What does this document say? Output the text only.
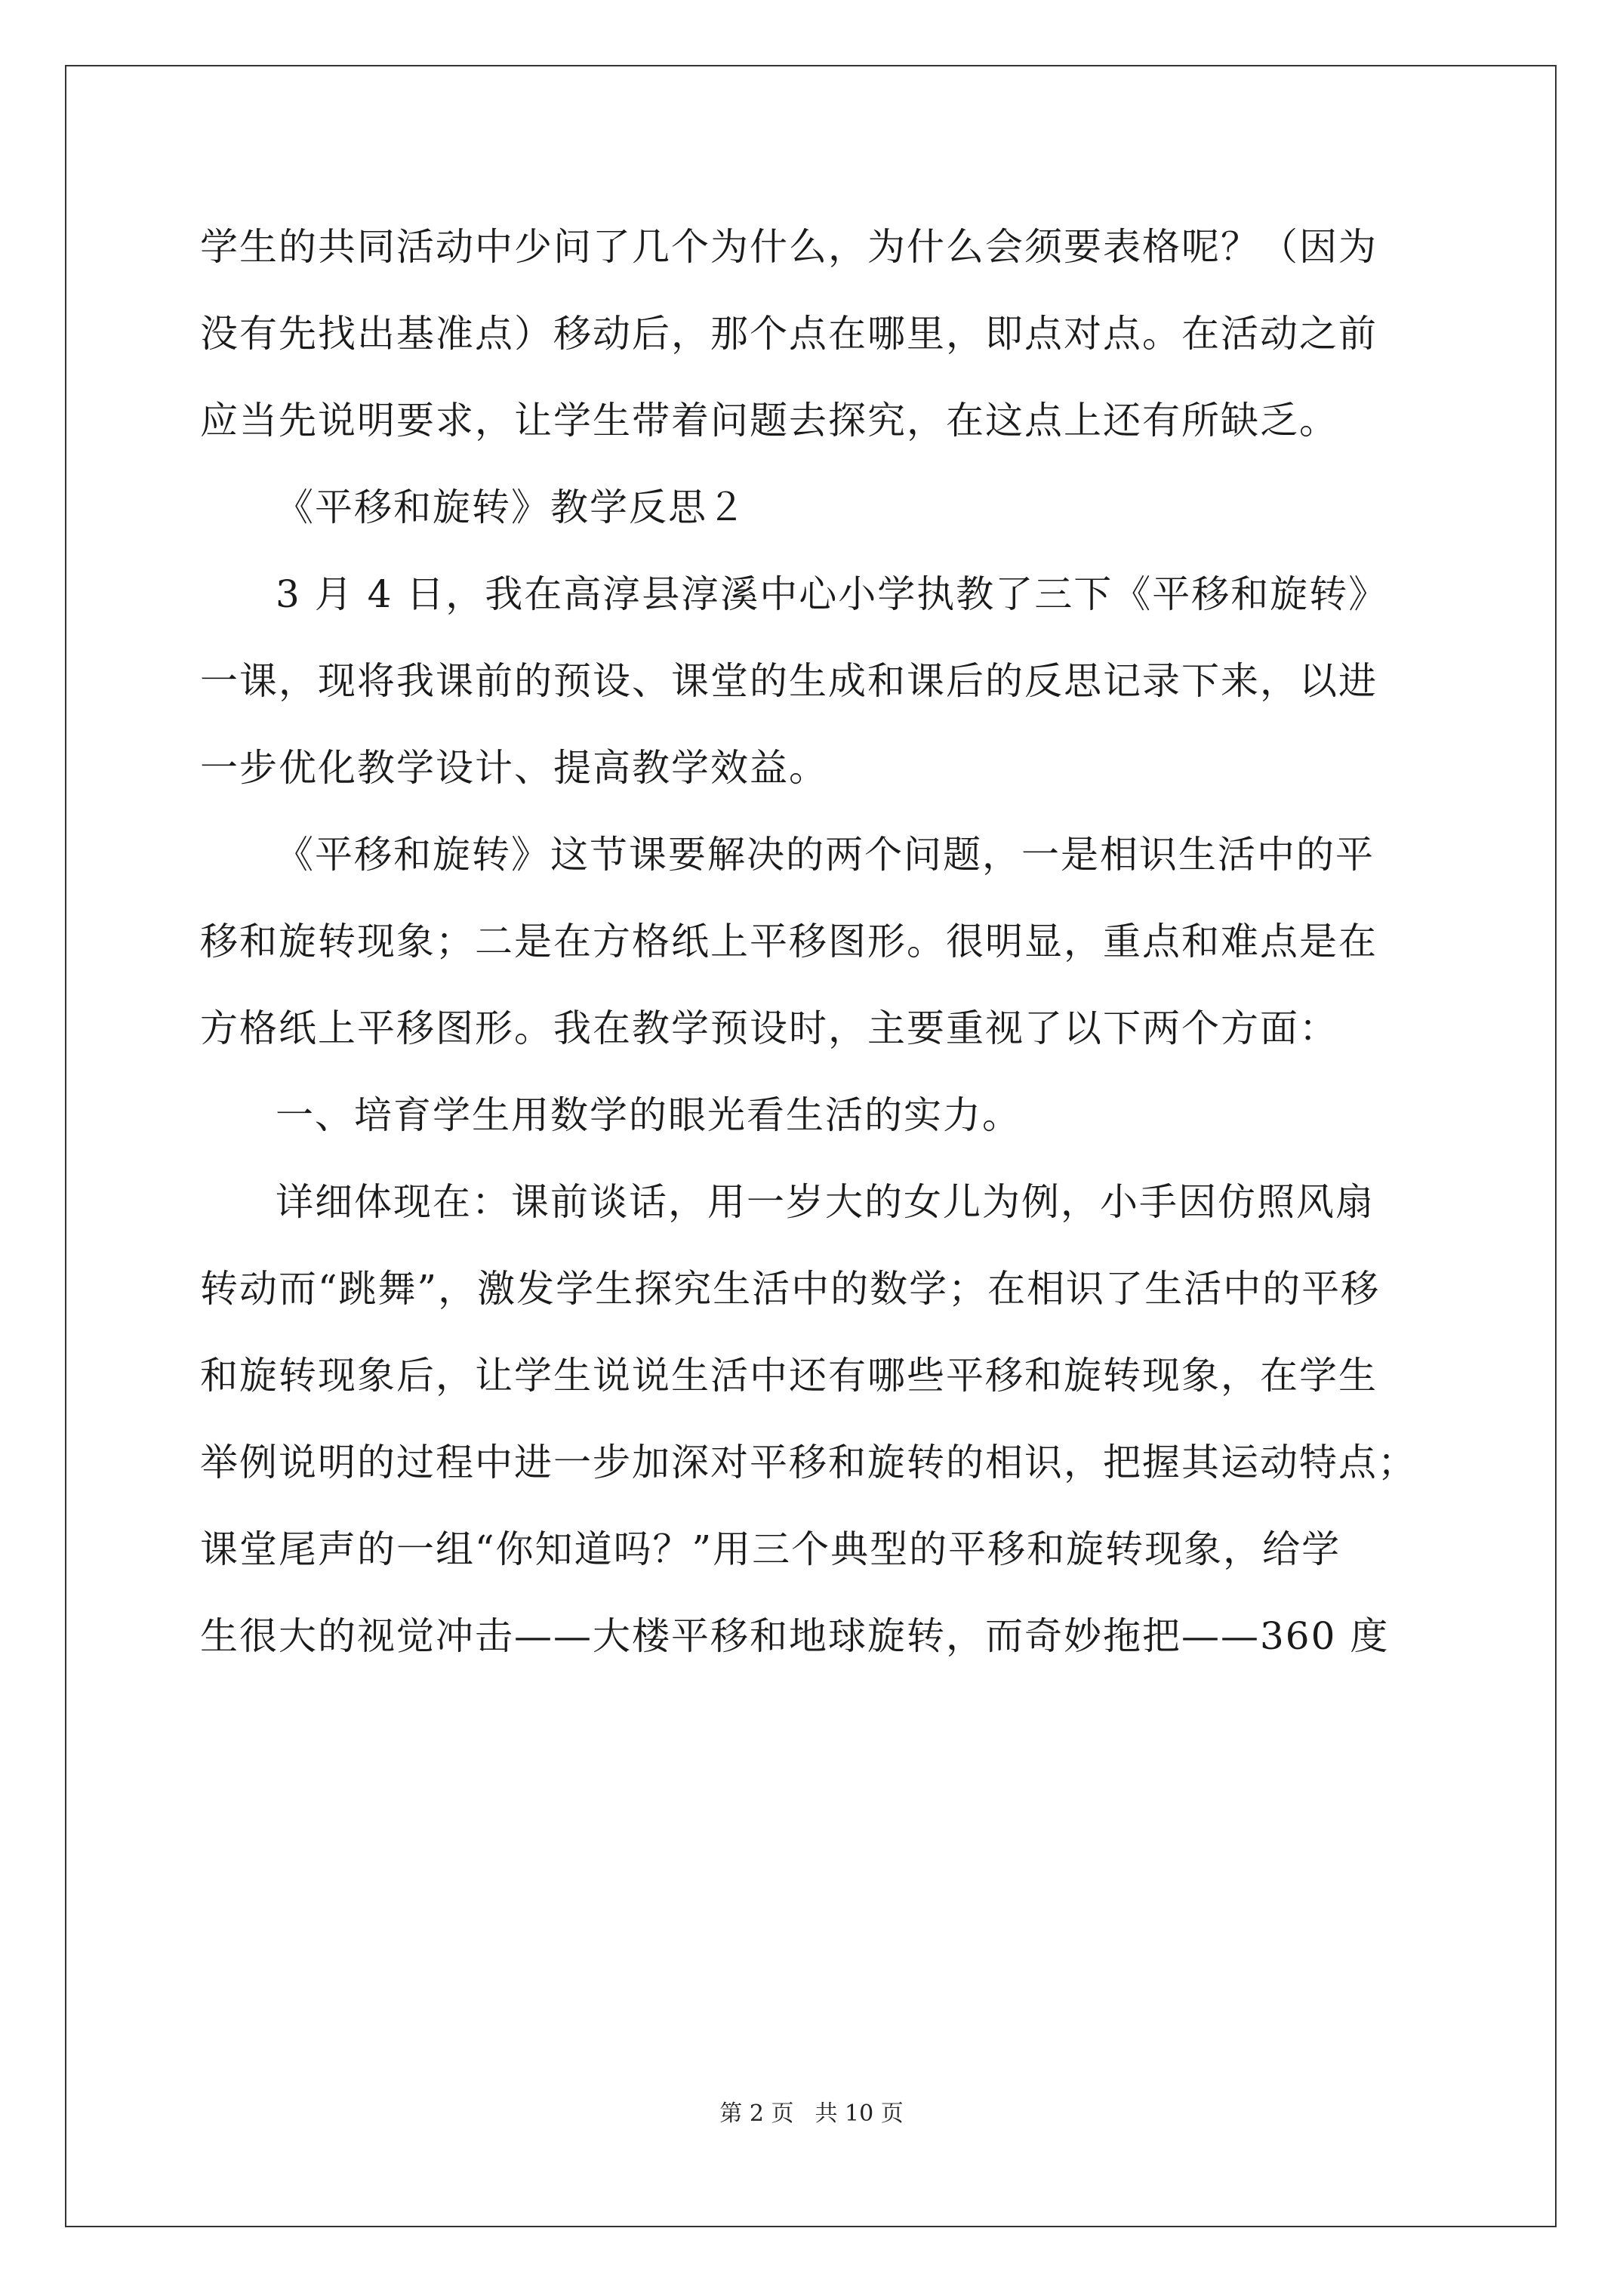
学生的共同活动中少问了几个为什么，为什么会须要表格呢？（因为
没有先找出基准点）移动后，那个点在哪里，即点对点。在活动之前
应当先说明要求，让学生带着问题去探究，在这点上还有所缺乏。
《平移和旋转》教学反思２
3 月 4 日，我在高淳县淳溪中心小学执教了三下《平移和旋转》
一课，现将我课前的预设、课堂的生成和课后的反思记录下来，以进
一步优化教学设计、提高教学效益。
《平移和旋转》这节课要解决的两个问题，一是相识生活中的平
移和旋转现象；二是在方格纸上平移图形。很明显，重点和难点是在
方格纸上平移图形。我在教学预设时，主要重视了以下两个方面：
一、培育学生用数学的眼光看生活的实力。
详细体现在：课前谈话，用一岁大的女儿为例，小手因仿照风扇
转动而“跳舞”，激发学生探究生活中的数学；在相识了生活中的平移
和旋转现象后，让学生说说生活中还有哪些平移和旋转现象，在学生
举例说明的过程中进一步加深对平移和旋转的相识，把握其运动特点；
课堂尾声的一组“你知道吗？”用三个典型的平移和旋转现象，给学
生很大的视觉冲击——大楼平移和地球旋转，而奇妙拖把——360 度
第 2 页 共 10 页
